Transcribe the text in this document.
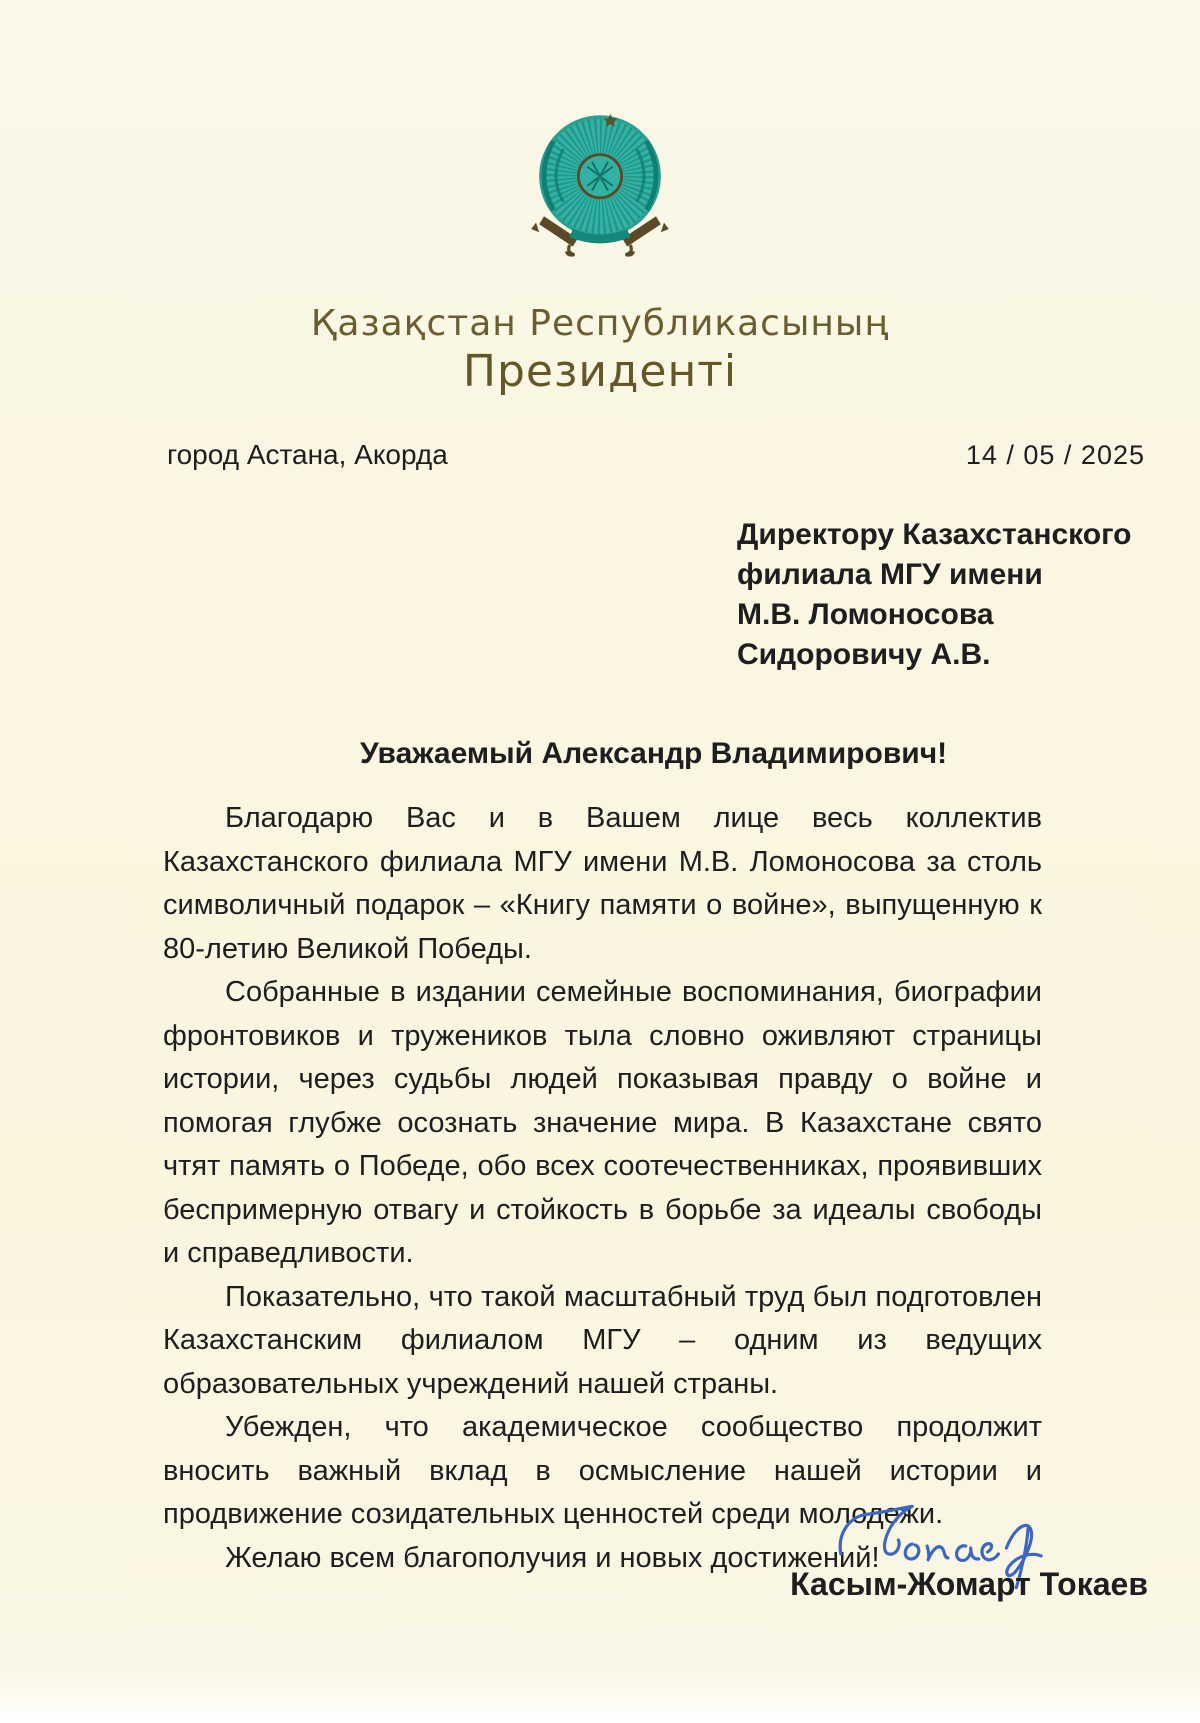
Қазақстан Республикасының
Президенті
город Астана, Акорда	14 / 05 / 2025
Директору Казахстанского
филиала МГУ имени
М.В. Ломоносова
Сидоровичу А.В.
Уважаемый Александр Владимирович!

Благодарю Вас и в Вашем лице весь коллектив Казахстанского филиала МГУ имени М.В. Ломоносова за столь символичный подарок – «Книгу памяти о войне», выпущенную к 80-летию Великой Победы.

Собранные в издании семейные воспоминания, биографии фронтовиков и тружеников тыла словно оживляют страницы истории, через судьбы людей показывая правду о войне и помогая глубже осознать значение мира. В Казахстане свято чтят память о Победе, обо всех соотечественниках, проявивших беспримерную отвагу и стойкость в борьбе за идеалы свободы и справедливости.

Показательно, что такой масштабный труд был подготовлен Казахстанским филиалом МГУ – одним из ведущих образовательных учреждений нашей страны.

Убежден, что академическое сообщество продолжит вносить важный вклад в осмысление нашей истории и продвижение созидательных ценностей среди молодежи.

Желаю всем благополучия и новых достижений!

Касым-Жомарт Токаев
